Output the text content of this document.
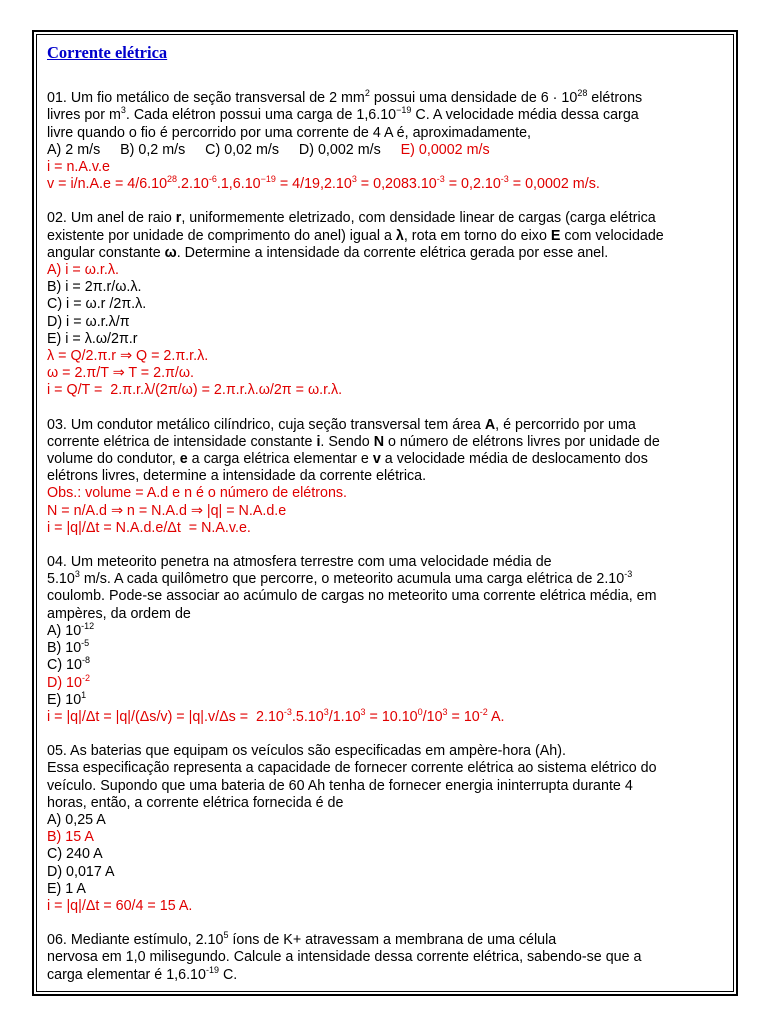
Corrente elétrica
01. Um fio metálico de seção transversal de 2 $mm^2$ possui uma densidade de $6 \cdot 10^{28}$ elétrons
livres por $m^3$. Cada elétron possui uma carga de $1,6.10^{-19}$ C. A velocidade média dessa carga
livre quando o fio é percorrido por uma corrente de 4 A é, aproximadamente,
A) 2 m/s B) 0,2 m/s C) 0,02 m/s D) 0,002 m/s E) 0,0002 m/s
i = n.A.v.e
$v = i/n.A.e = 4/6.10^{28}.2.10^{-6}.1,6.10^{-19} = 4/19,2.10^3 = 0,2083.10^{-3} = 0,2.10^{-3} = 0,0002$ m/s.
02. Um anel de raio r, uniformemente eletrizado, com densidade linear de cargas (carga elétrica
existente por unidade de comprimento do anel) igual a λ, rota em torno do eixo E com velocidade
angular constante ω. Determine a intensidade da corrente elétrica gerada por esse anel.
A) i = ω.r.λ.
B) i = 2π.r/ω.λ.
C) i = ω.r /2π.λ.
D) i = ω.r.λ/π
E) i = λ.ω/2π.r
λ = Q/2.π.r ⇒ Q = 2.π.r.λ.
ω = 2.π/T ⇒ T = 2.π/ω.
i = Q/T =  2.π.r.λ/(2π/ω) = 2.π.r.λ.ω/2π = ω.r.λ.
03. Um condutor metálico cilíndrico, cuja seção transversal tem área A, é percorrido por uma
corrente elétrica de intensidade constante i. Sendo N o número de elétrons livres por unidade de
volume do condutor, e a carga elétrica elementar e v a velocidade média de deslocamento dos
elétrons livres, determine a intensidade da corrente elétrica.
Obs.: volume = A.d e n é o número de elétrons.
N = n/A.d ⇒ n = N.A.d ⇒ |q| = N.A.d.e
i = |q|/Δt = N.A.d.e/Δt  = N.A.v.e.
04. Um meteorito penetra na atmosfera terrestre com uma velocidade média de
5.10$^3$ m/s. A cada quilômetro que percorre, o meteorito acumula uma carga elétrica de $2.10^{-3}$
coulomb. Pode-se associar ao acúmulo de cargas no meteorito uma corrente elétrica média, em
ampères, da ordem de
A) $10^{-12}$
B) $10^{-5}$
C) $10^{-8}$
D) $10^{-2}$
E) $10^1$
$i = |q|/\Delta t = |q|/(\Delta s/v) = |q|.v/\Delta s = 2.10^{-3}.5.10^3/1.10^3 = 10.10^0/10^3 = 10^{-2}$ A.
05. As baterias que equipam os veículos são especificadas em ampère-hora (Ah).
Essa especificação representa a capacidade de fornecer corrente elétrica ao sistema elétrico do
veículo. Supondo que uma bateria de 60 Ah tenha de fornecer energia ininterrupta durante 4
horas, então, a corrente elétrica fornecida é de
A) 0,25 A
B) 15 A
C) 240 A
D) 0,017 A
E) 1 A
i = |q|/Δt = 60/4 = 15 A.
06. Mediante estímulo, 2.10$^5$ íons de K+ atravessam a membrana de uma célula
nervosa em 1,0 milisegundo. Calcule a intensidade dessa corrente elétrica, sabendo-se que a
carga elementar é $1,6.10^{-19}$ C.
